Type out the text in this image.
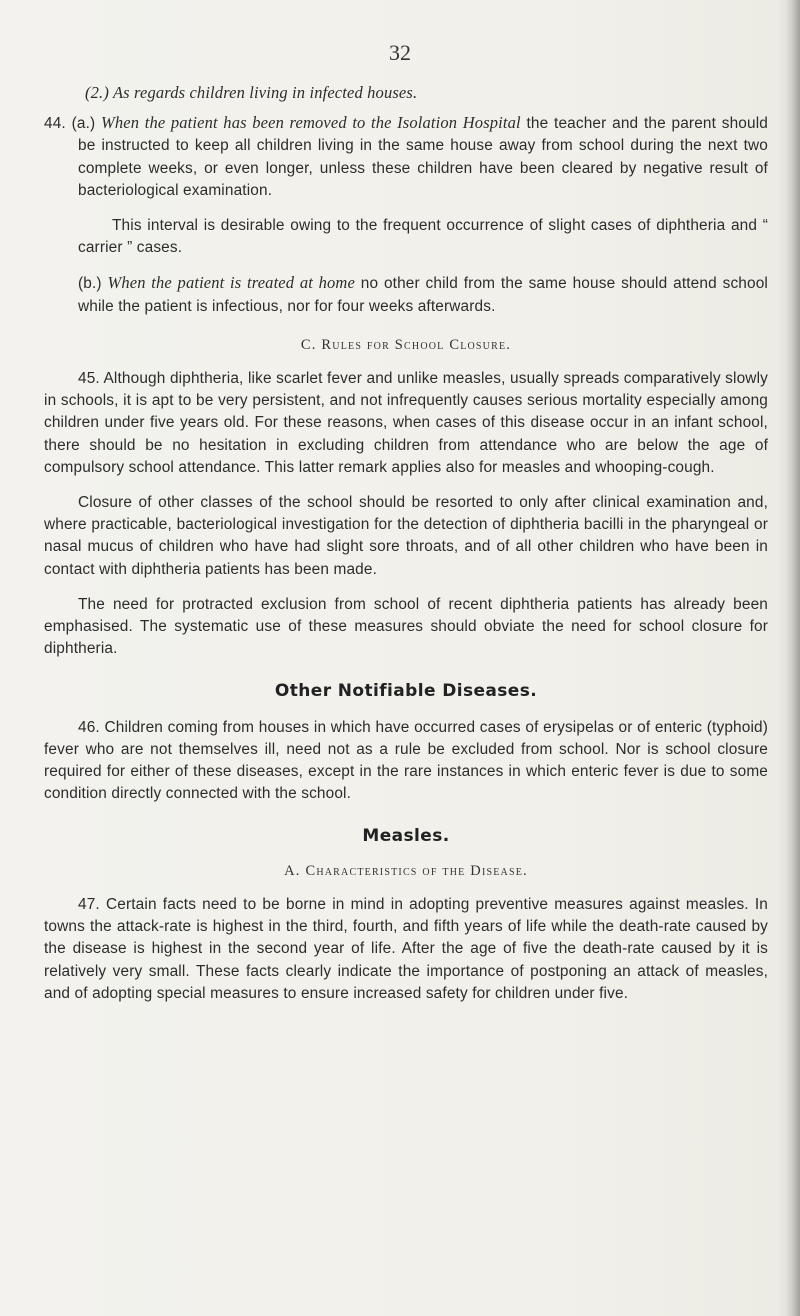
32

(2.) As regards children living in infected houses.

44. (a.) When the patient has been removed to the Isolation Hospital the teacher and the parent should be instructed to keep all children living in the same house away from school during the next two complete weeks, or even longer, unless these children have been cleared by negative result of bacteriological examination.

This interval is desirable owing to the frequent occurrence of slight cases of diphtheria and “ carrier ” cases.

(b.) When the patient is treated at home no other child from the same house should attend school while the patient is infectious, nor for four weeks afterwards.

C. Rules for School Closure.

45. Although diphtheria, like scarlet fever and unlike measles, usually spreads comparatively slowly in schools, it is apt to be very persistent, and not infrequently causes serious mortality especially among children under five years old. For these reasons, when cases of this disease occur in an infant school, there should be no hesitation in excluding children from attendance who are below the age of compulsory school attendance. This latter remark applies also for measles and whooping-cough.

Closure of other classes of the school should be resorted to only after clinical examination and, where practicable, bacteriological investigation for the detection of diphtheria bacilli in the pharyngeal or nasal mucus of children who have had slight sore throats, and of all other children who have been in contact with diphtheria patients has been made.

The need for protracted exclusion from school of recent diphtheria patients has already been emphasised. The systematic use of these measures should obviate the need for school closure for diphtheria.

Other Notifiable Diseases.

46. Children coming from houses in which have occurred cases of erysipelas or of enteric (typhoid) fever who are not themselves ill, need not as a rule be excluded from school. Nor is school closure required for either of these diseases, except in the rare instances in which enteric fever is due to some condition directly connected with the school.

Measles.

A. Characteristics of the Disease.

47. Certain facts need to be borne in mind in adopting preventive measures against measles. In towns the attack-rate is highest in the third, fourth, and fifth years of life while the death-rate caused by the disease is highest in the second year of life. After the age of five the death-rate caused by it is relatively very small. These facts clearly indicate the importance of postponing an attack of measles, and of adopting special measures to ensure increased safety for children under five.
